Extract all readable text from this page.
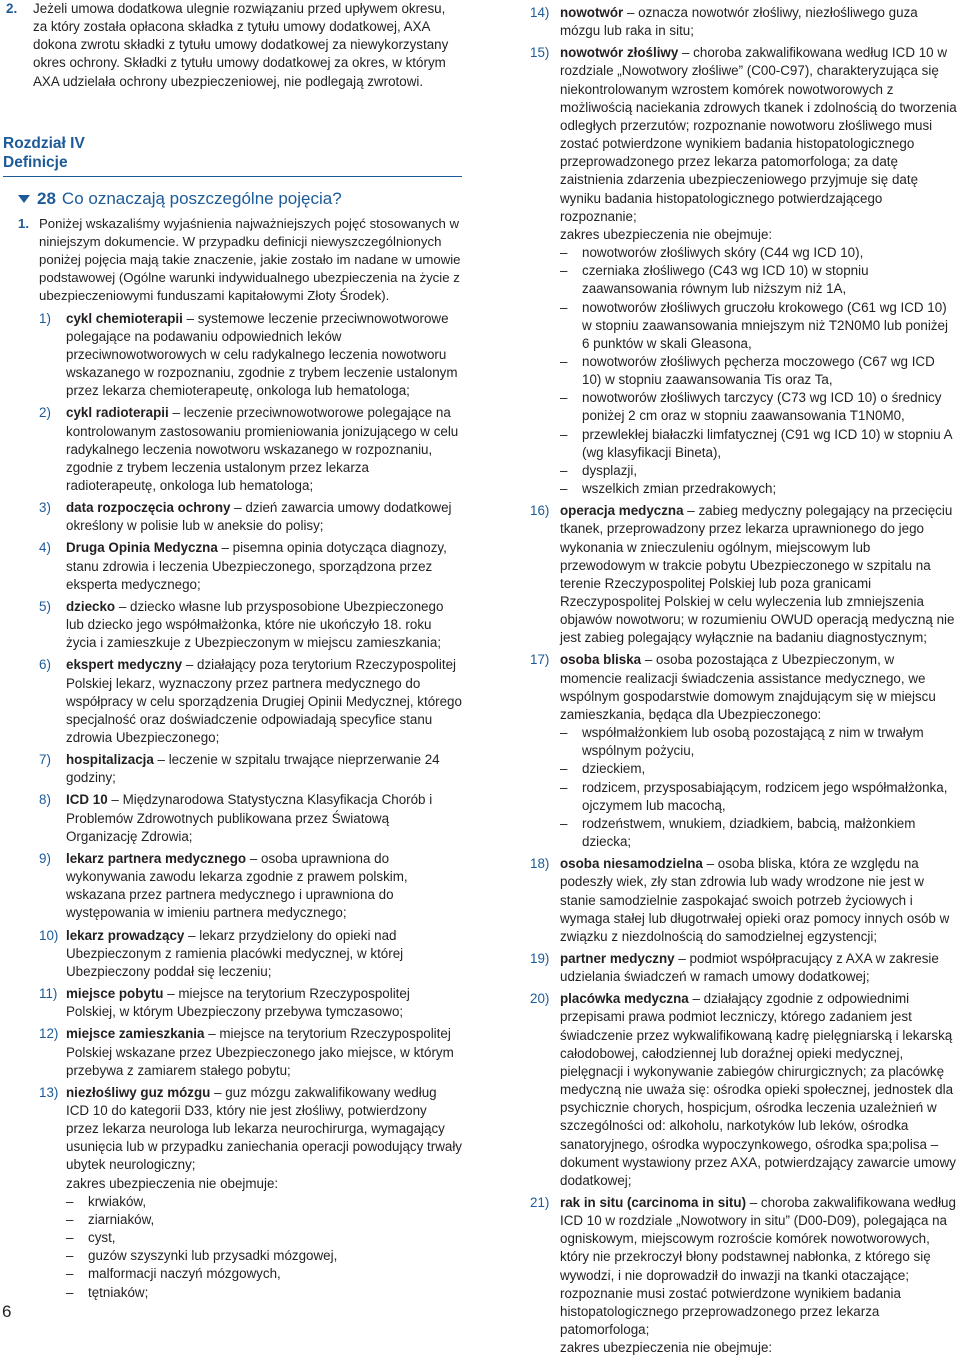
2. Jeżeli umowa dodatkowa ulegnie rozwiązaniu przed upływem okresu, za który została opłacona składka z tytułu umowy dodatkowej, AXA dokona zwrotu składki z tytułu umowy dodatkowej za niewykorzystany okres ochrony. Składki z tytułu umowy dodatkowej za okres, w którym AXA udzielała ochrony ubezpieczeniowej, nie podlegają zwrotowi.
Rozdział IV
Definicje
28 Co oznaczają poszczególne pojęcia?
1. Poniżej wskazaliśmy wyjaśnienia najważniejszych pojęć stosowanych w niniejszym dokumencie. W przypadku definicji niewyszczególnionych poniżej pojęcia mają takie znaczenie, jakie zostało im nadane w umowie podstawowej (Ogólne warunki indywidualnego ubezpieczenia na życie z ubezpieczeniowymi funduszami kapitałowymi Złoty Środek).
1) cykl chemioterapii – systemowe leczenie przeciwnowotworowe polegające na podawaniu odpowiednich leków przeciwnowotworowych w celu radykalnego leczenia nowotworu wskazanego w rozpoznaniu, zgodnie z trybem leczenie ustalonym przez lekarza chemioterapeutę, onkologa lub hematologa;
2) cykl radioterapii – leczenie przeciwnowotworowe polegające na kontrolowanym zastosowaniu promieniowania jonizującego w celu radykalnego leczenia nowotworu wskazanego w rozpoznaniu, zgodnie z trybem leczenia ustalonym przez lekarza radioterapeutę, onkologa lub hematologa;
3) data rozpoczęcia ochrony – dzień zawarcia umowy dodatkowej określony w polisie lub w aneksie do polisy;
4) Druga Opinia Medyczna – pisemna opinia dotycząca diagnozy, stanu zdrowia i leczenia Ubezpieczonego, sporządzona przez eksperta medycznego;
5) dziecko – dziecko własne lub przysposobione Ubezpieczonego lub dziecko jego współmałżonka, które nie ukończyło 18. roku życia i zamieszkuje z Ubezpieczonym w miejscu zamieszkania;
6) ekspert medyczny – działający poza terytorium Rzeczypospolitej Polskiej lekarz, wyznaczony przez partnera medycznego do współpracy w celu sporządzenia Drugiej Opinii Medycznej, którego specjalność oraz doświadczenie odpowiadają specyfice stanu zdrowia Ubezpieczonego;
7) hospitalizacja – leczenie w szpitalu trwające nieprzerwanie 24 godziny;
8) ICD 10 – Międzynarodowa Statystyczna Klasyfikacja Chorób i Problemów Zdrowotnych publikowana przez Światową Organizację Zdrowia;
9) lekarz partnera medycznego – osoba uprawniona do wykonywania zawodu lekarza zgodnie z prawem polskim, wskazana przez partnera medycznego i uprawniona do występowania w imieniu partnera medycznego;
10) lekarz prowadzący – lekarz przydzielony do opieki nad Ubezpieczonym z ramienia placówki medycznej, w której Ubezpieczony poddał się leczeniu;
11) miejsce pobytu – miejsce na terytorium Rzeczypospolitej Polskiej, w którym Ubezpieczony przebywa tymczasowo;
12) miejsce zamieszkania – miejsce na terytorium Rzeczypospolitej Polskiej wskazane przez Ubezpieczonego jako miejsce, w którym przebywa z zamiarem stałego pobytu;
13) niezłośliwy guz mózgu – guz mózgu zakwalifikowany według ICD 10 do kategorii D33, który nie jest złośliwy, potwierdzony przez lekarza neurologa lub lekarza neurochirurga, wymagający usunięcia lub w przypadku zaniechania operacji powodujący trwały ubytek neurologiczny;
zakres ubezpieczenia nie obejmuje:
– krwiaków,
– ziarniaków,
– cyst,
– guzów szyszynki lub przysadki mózgowej,
– malformacji naczyń mózgowych,
– tętniaków;
14) nowotwór – oznacza nowotwór złośliwy, niezłośliwego guza mózgu lub raka in situ;
15) nowotwór złośliwy – choroba zakwalifikowana według ICD 10 w rozdziale „Nowotwory złośliwe” (C00-C97), charakteryzująca się niekontrolowanym wzrostem komórek nowotworowych z możliwością naciekania zdrowych tkanek i zdolnością do tworzenia odległych przerzutów; rozpoznanie nowotworu złośliwego musi zostać potwierdzone wynikiem badania histopatologicznego przeprowadzonego przez lekarza patomorfologa; za datę zaistnienia zdarzenia ubezpieczeniowego przyjmuje się datę wyniku badania histopatologicznego potwierdzającego rozpoznanie;
zakres ubezpieczenia nie obejmuje:
– nowotworów złośliwych skóry (C44 wg ICD 10),
– czerniaka złośliwego (C43 wg ICD 10) w stopniu zaawansowania równym lub niższym niż 1A,
– nowotworów złośliwych gruczołu krokowego (C61 wg ICD 10) w stopniu zaawansowania mniejszym niż T2N0M0 lub poniżej 6 punktów w skali Gleasona,
– nowotworów złośliwych pęcherza moczowego (C67 wg ICD 10) w stopniu zaawansowania Tis oraz Ta,
– nowotworów złośliwych tarczycy (C73 wg ICD 10) o średnicy poniżej 2 cm oraz w stopniu zaawansowania T1N0M0,
– przewlekłej białaczki limfatycznej (C91 wg ICD 10) w stopniu A (wg klasyfikacji Bineta),
– dysplazji,
– wszelkich zmian przedrakowych;
16) operacja medyczna – zabieg medyczny polegający na przecięciu tkanek, przeprowadzony przez lekarza uprawnionego do jego wykonania w znieczuleniu ogólnym, miejscowym lub przewodowym w trakcie pobytu Ubezpieczonego w szpitalu na terenie Rzeczypospolitej Polskiej lub poza granicami Rzeczypospolitej Polskiej w celu wyleczenia lub zmniejszenia objawów nowotworu; w rozumieniu OWUD operacją medyczną nie jest zabieg polegający wyłącznie na badaniu diagnostycznym;
17) osoba bliska – osoba pozostająca z Ubezpieczonym, w momencie realizacji świadczenia assistance medycznego, we wspólnym gospodarstwie domowym znajdującym się w miejscu zamieszkania, będąca dla Ubezpieczonego:
– współmałżonkiem lub osobą pozostającą z nim w trwałym wspólnym pożyciu,
– dzieckiem,
– rodzicem, przysposabiającym, rodzicem jego współmałżonka, ojczymem lub macochą,
– rodzeństwem, wnukiem, dziadkiem, babcią, małżonkiem dziecka;
18) osoba niesamodzielna – osoba bliska, która ze względu na podeszły wiek, zły stan zdrowia lub wady wrodzone nie jest w stanie samodzielnie zaspokajać swoich potrzeb życiowych i wymaga stałej lub długotrwałej opieki oraz pomocy innych osób w związku z niezdolnością do samodzielnej egzystencji;
19) partner medyczny – podmiot współpracujący z AXA w zakresie udzielania świadczeń w ramach umowy dodatkowej;
20) placówka medyczna – działający zgodnie z odpowiednimi przepisami prawa podmiot leczniczy, którego zadaniem jest świadczenie przez wykwalifikowaną kadrę pielęgniarską i lekarską całodobowej, całodziennej lub doraźnej opieki medycznej, pielęgnacji i wykonywanie zabiegów chirurgicznych; za placówkę medyczną nie uważa się: ośrodka opieki społecznej, jednostek dla psychicznie chorych, hospicjum, ośrodka leczenia uzależnień w szczególności od: alkoholu, narkotyków lub leków, ośrodka sanatoryjnego, ośrodka wypoczynkowego, ośrodka spa;polisa – dokument wystawiony przez AXA, potwierdzający zawarcie umowy dodatkowej;
21) rak in situ (carcinoma in situ) – choroba zakwalifikowana według ICD 10 w rozdziale „Nowotwory in situ” (D00-D09), polegająca na ogniskowym, miejscowym rozroście komórek nowotworowych, który nie przekroczył błony podstawnej nabłonka, z którego się wywodzi, i nie doprowadził do inwazji na tkanki otaczające; rozpoznanie musi zostać potwierdzone wynikiem badania histopatologicznego przeprowadzonego przez lekarza patomorfologa;
zakres ubezpieczenia nie obejmuje:
6
